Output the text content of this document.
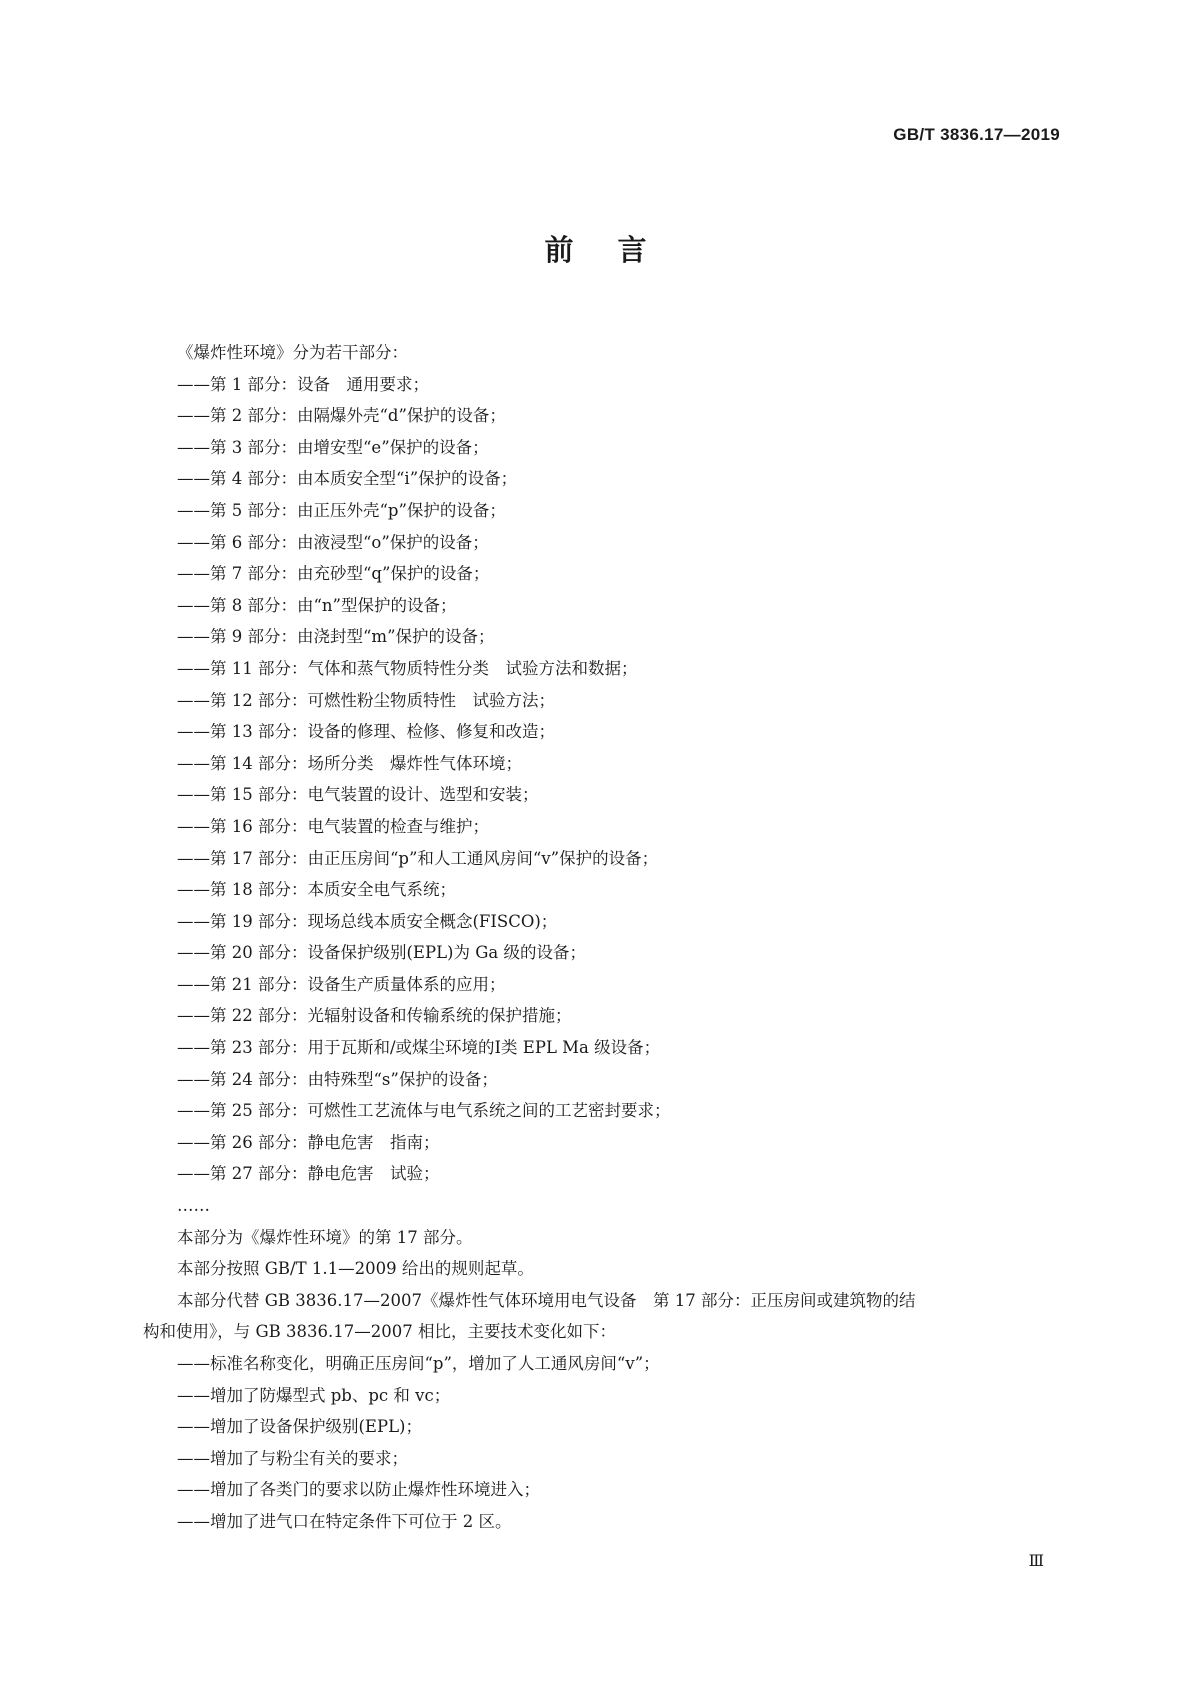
GB/T 3836.17—2019
前言
《爆炸性环境》分为若干部分：
——第 1 部分：设备　通用要求；
——第 2 部分：由隔爆外壳“d”保护的设备；
——第 3 部分：由增安型“e”保护的设备；
——第 4 部分：由本质安全型“i”保护的设备；
——第 5 部分：由正压外壳“p”保护的设备；
——第 6 部分：由液浸型“o”保护的设备；
——第 7 部分：由充砂型“q”保护的设备；
——第 8 部分：由“n”型保护的设备；
——第 9 部分：由浇封型“m”保护的设备；
——第 11 部分：气体和蒸气物质特性分类　试验方法和数据；
——第 12 部分：可燃性粉尘物质特性　试验方法；
——第 13 部分：设备的修理、检修、修复和改造；
——第 14 部分：场所分类　爆炸性气体环境；
——第 15 部分：电气装置的设计、选型和安装；
——第 16 部分：电气装置的检查与维护；
——第 17 部分：由正压房间“p”和人工通风房间“v”保护的设备；
——第 18 部分：本质安全电气系统；
——第 19 部分：现场总线本质安全概念(FISCO)；
——第 20 部分：设备保护级别(EPL)为 Ga 级的设备；
——第 21 部分：设备生产质量体系的应用；
——第 22 部分：光辐射设备和传输系统的保护措施；
——第 23 部分：用于瓦斯和/或煤尘环境的Ⅰ类 EPL Ma 级设备；
——第 24 部分：由特殊型“s”保护的设备；
——第 25 部分：可燃性工艺流体与电气系统之间的工艺密封要求；
——第 26 部分：静电危害　指南；
——第 27 部分：静电危害　试验；
……
本部分为《爆炸性环境》的第 17 部分。
本部分按照 GB/T 1.1—2009 给出的规则起草。
本部分代替 GB 3836.17—2007《爆炸性气体环境用电气设备　第 17 部分：正压房间或建筑物的结
构和使用》，与 GB 3836.17—2007 相比，主要技术变化如下：
——标准名称变化，明确正压房间“p”，增加了人工通风房间“v”；
——增加了防爆型式 pb、pc 和 vc；
——增加了设备保护级别(EPL)；
——增加了与粉尘有关的要求；
——增加了各类门的要求以防止爆炸性环境进入；
——增加了进气口在特定条件下可位于 2 区。
Ⅲ
